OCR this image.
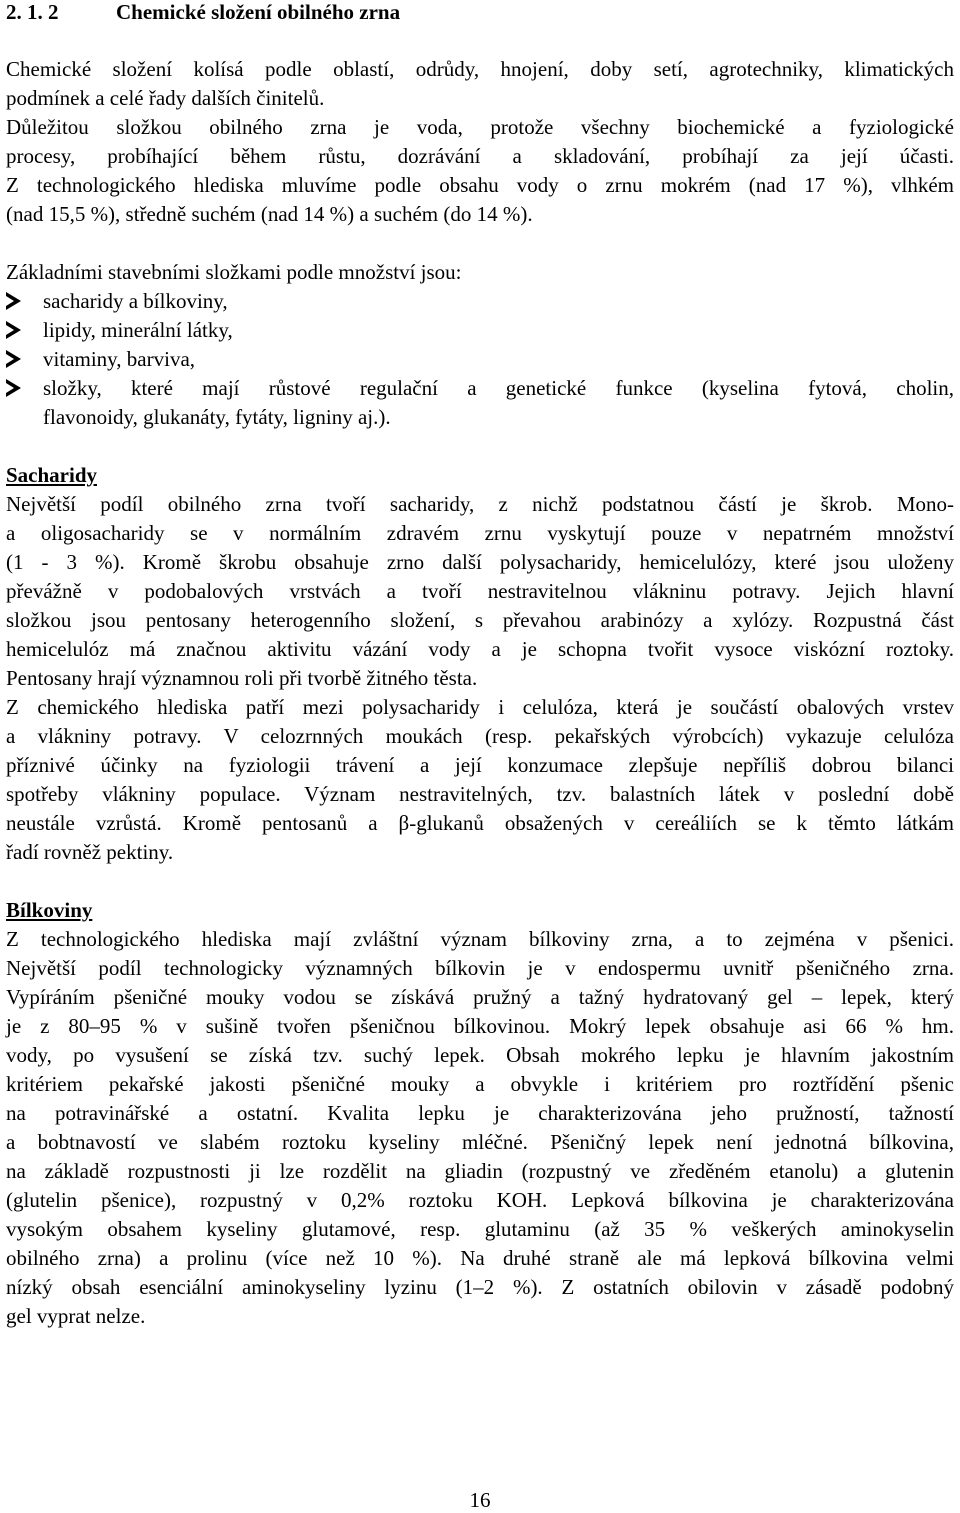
2. 1. 2	Chemické složení obilného zrna
Chemické složení kolísá podle oblastí, odrůdy, hnojení, doby setí, agrotechniky, klimatických
podmínek a celé řady dalších činitelů.
Důležitou složkou obilného zrna je voda, protože všechny biochemické a fyziologické
procesy, probíhající během růstu, dozrávání a skladování, probíhají za její účasti.
Z technologického hlediska mluvíme podle obsahu vody o zrnu mokrém (nad 17 %), vlhkém
(nad 15,5 %), středně suchém (nad 14 %) a suchém (do 14 %).
Základními stavebními složkami podle množství jsou:
sacharidy a bílkoviny,
lipidy, minerální látky,
vitaminy, barviva,
složky, které mají růstové regulační a genetické funkce (kyselina fytová, cholin,
flavonoidy, glukanáty, fytáty, ligniny aj.).
Sacharidy
Největší podíl obilného zrna tvoří sacharidy, z nichž podstatnou částí je škrob. Mono-
a oligosacharidy se v normálním zdravém zrnu vyskytují pouze v nepatrném množství
(1 - 3 %). Kromě škrobu obsahuje zrno další polysacharidy, hemicelulózy, které jsou uloženy
převážně v podobalových vrstvách a tvoří nestravitelnou vlákninu potravy. Jejich hlavní
složkou jsou pentosany heterogenního složení, s převahou arabinózy a xylózy. Rozpustná část
hemicelulóz má značnou aktivitu vázání vody a je schopna tvořit vysoce viskózní roztoky.
Pentosany hrají významnou roli při tvorbě žitného těsta.
Z chemického hlediska patří mezi polysacharidy i celulóza, která je součástí obalových vrstev
a vlákniny potravy. V celozrnných moukách (resp. pekařských výrobcích) vykazuje celulóza
příznivé účinky na fyziologii trávení a její konzumace zlepšuje nepříliš dobrou bilanci
spotřeby vlákniny populace. Význam nestravitelných, tzv. balastních látek v poslední době
neustále vzrůstá. Kromě pentosanů a β-glukanů obsažených v cereáliích se k těmto látkám
řadí rovněž pektiny.
Bílkoviny
Z technologického hlediska mají zvláštní význam bílkoviny zrna, a to zejména v pšenici.
Největší podíl technologicky významných bílkovin je v endospermu uvnitř pšeničného zrna.
Vypíráním pšeničné mouky vodou se získává pružný a tažný hydratovaný gel – lepek, který
je z 80–95 % v sušině tvořen pšeničnou bílkovinou. Mokrý lepek obsahuje asi 66 % hm.
vody, po vysušení se získá tzv. suchý lepek. Obsah mokrého lepku je hlavním jakostním
kritériem pekařské jakosti pšeničné mouky a obvykle i kritériem pro roztřídění pšenic
na potravinářské a ostatní. Kvalita lepku je charakterizována jeho pružností, tažností
a bobtnavostí ve slabém roztoku kyseliny mléčné. Pšeničný lepek není jednotná bílkovina,
na základě rozpustnosti ji lze rozdělit na gliadin (rozpustný ve zředěném etanolu) a glutenin
(glutelin pšenice), rozpustný v 0,2% roztoku KOH. Lepková bílkovina je charakterizována
vysokým obsahem kyseliny glutamové, resp. glutaminu (až 35 % veškerých aminokyselin
obilného zrna) a prolinu (více než 10 %). Na druhé straně ale má lepková bílkovina velmi
nízký obsah esenciální aminokyseliny lyzinu (1–2 %). Z ostatních obilovin v zásadě podobný
gel vyprat nelze.
16
